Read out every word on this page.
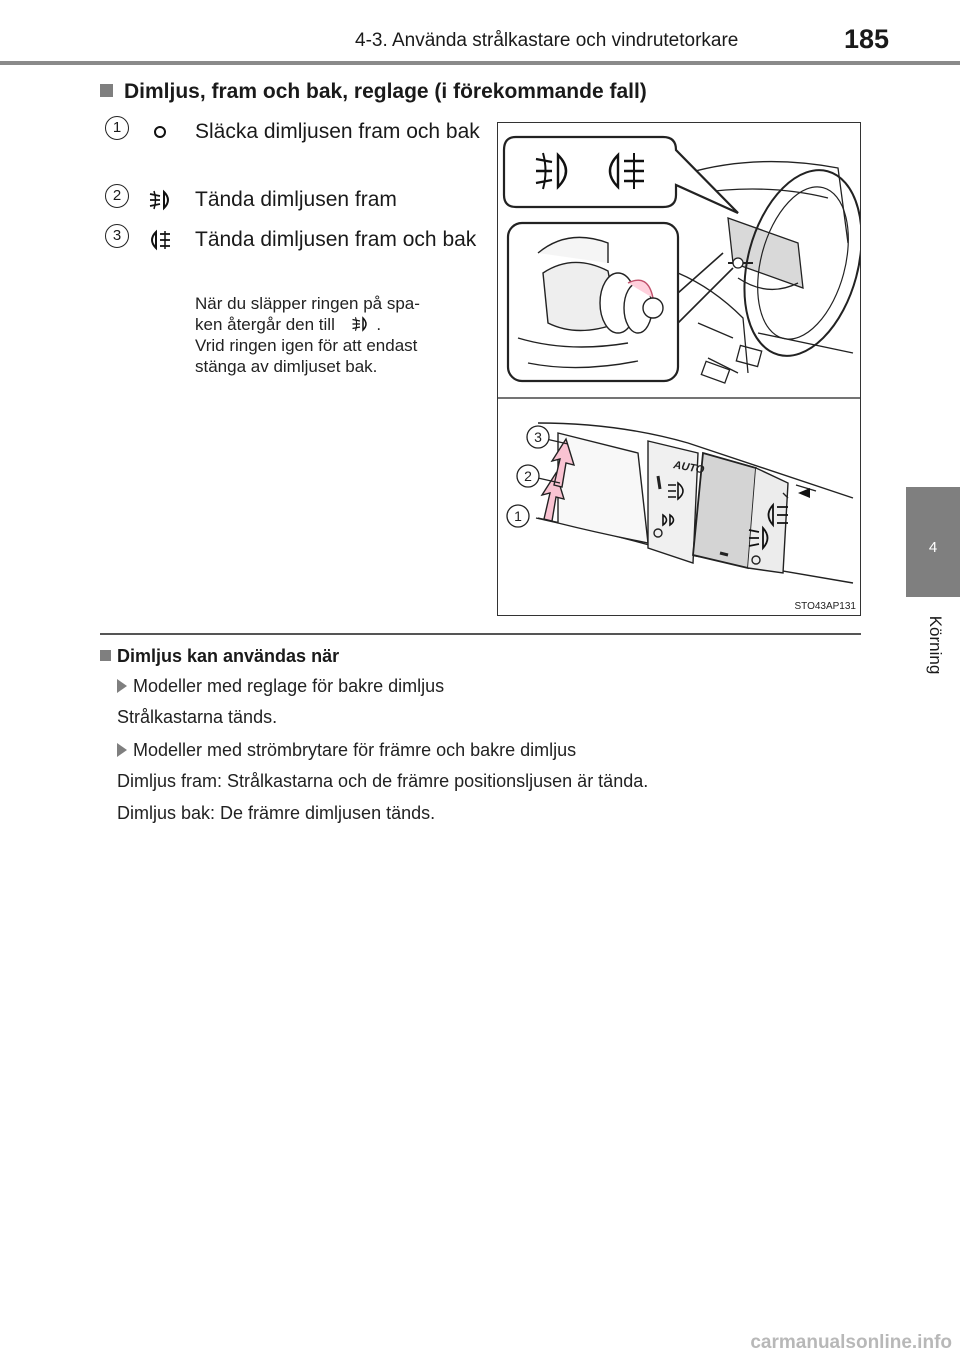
4-3. Använda strålkastare och vindrutetorkare	185
4
Körning
Dimljus, fram och bak, reglage (i förekommande fall)
1	Släcka dimljusen fram och bak
2	Tända dimljusen fram
3	Tända dimljusen fram och bak
När du släpper ringen på spa-
ken återgår den till .
Vrid ringen igen för att endast
stänga av dimljuset bak.
AUTO
1
2
3
STO43AP131
Dimljus kan användas när
Modeller med reglage för bakre dimljus
Strålkastarna tänds.
Modeller med strömbrytare för främre och bakre dimljus
Dimljus fram: Strålkastarna och de främre positionsljusen är tända.
Dimljus bak: De främre dimljusen tänds.
carmanualsonline.info
